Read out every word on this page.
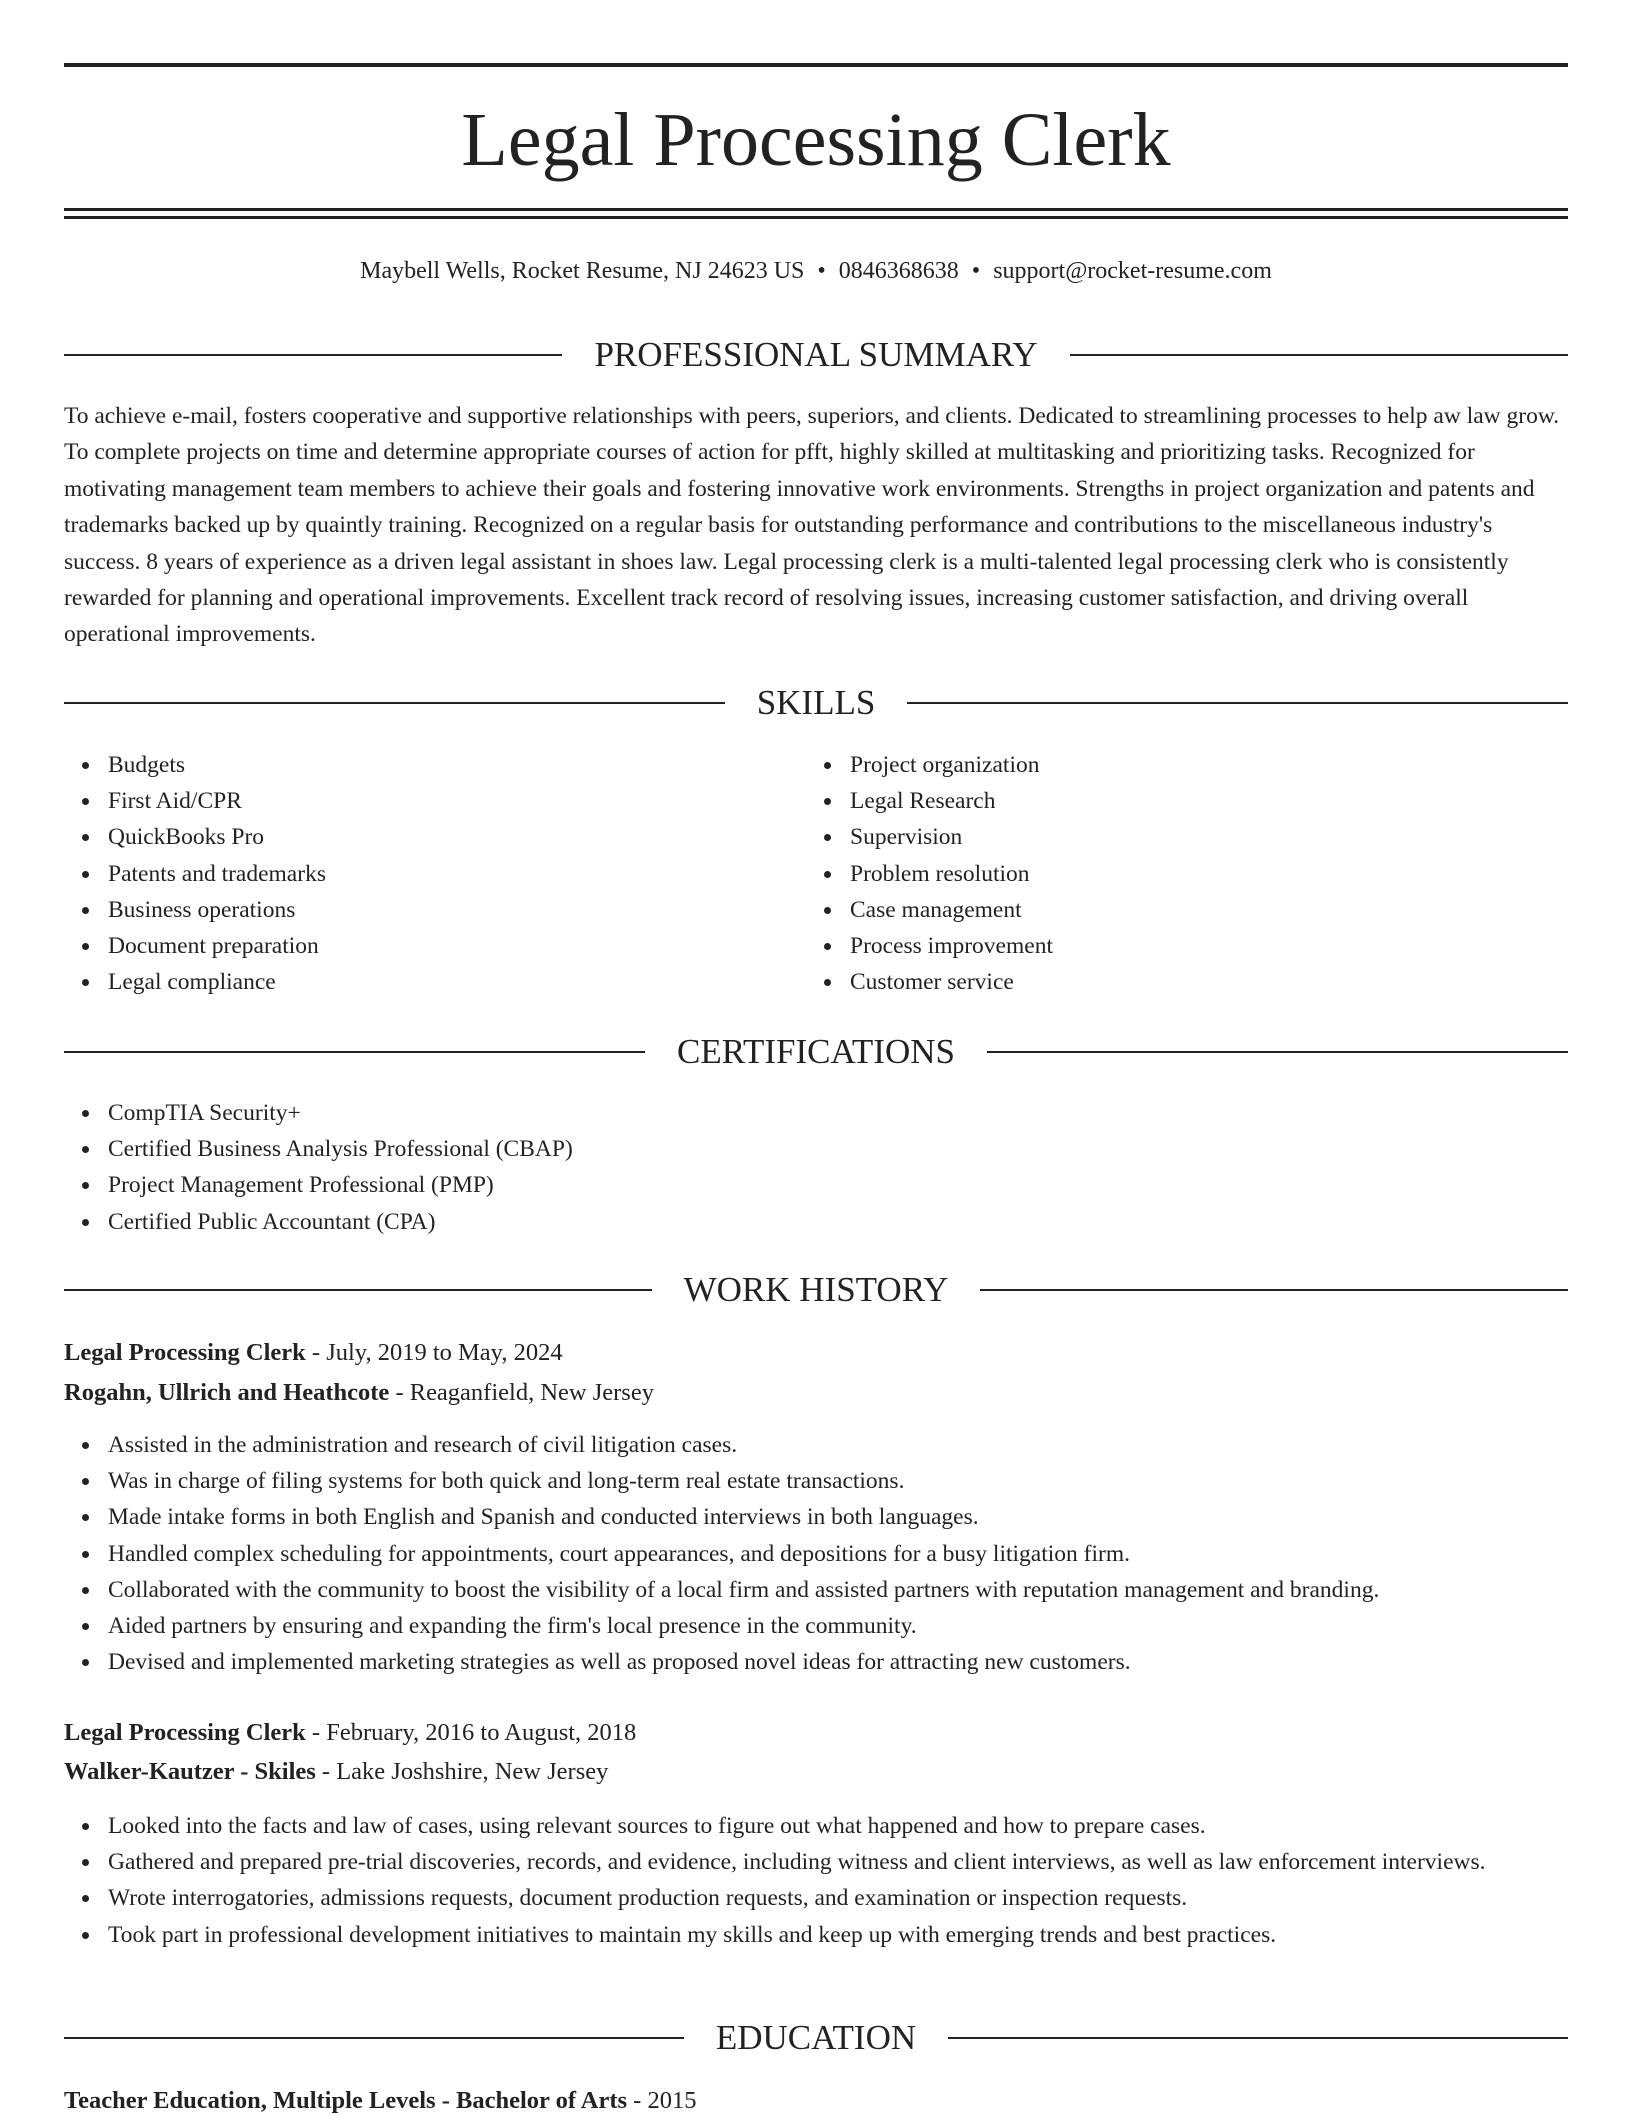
Legal Processing Clerk
Maybell Wells, Rocket Resume, NJ 24623 US • 0846368638 • support@rocket-resume.com
PROFESSIONAL SUMMARY

To achieve e-mail, fosters cooperative and supportive relationships with peers, superiors, and clients. Dedicated to streamlining processes to help aw law grow. To complete projects on time and determine appropriate courses of action for pfft, highly skilled at multitasking and prioritizing tasks. Recognized for motivating management team members to achieve their goals and fostering innovative work environments. Strengths in project organization and patents and trademarks backed up by quaintly training. Recognized on a regular basis for outstanding performance and contributions to the miscellaneous industry's success. 8 years of experience as a driven legal assistant in shoes law. Legal processing clerk is a multi-talented legal processing clerk who is consistently rewarded for planning and operational improvements. Excellent track record of resolving issues, increasing customer satisfaction, and driving overall operational improvements.

SKILLS
Budgets
First Aid/CPR
QuickBooks Pro
Patents and trademarks
Business operations
Document preparation
Legal compliance
Project organization
Legal Research
Supervision
Problem resolution
Case management
Process improvement
Customer service
CERTIFICATIONS
CompTIA Security+
Certified Business Analysis Professional (CBAP)
Project Management Professional (PMP)
Certified Public Accountant (CPA)
WORK HISTORY
Legal Processing Clerk - July, 2019 to May, 2024
Rogahn, Ullrich and Heathcote - Reaganfield, New Jersey
Assisted in the administration and research of civil litigation cases.
Was in charge of filing systems for both quick and long-term real estate transactions.
Made intake forms in both English and Spanish and conducted interviews in both languages.
Handled complex scheduling for appointments, court appearances, and depositions for a busy litigation firm.
Collaborated with the community to boost the visibility of a local firm and assisted partners with reputation management and branding.
Aided partners by ensuring and expanding the firm's local presence in the community.
Devised and implemented marketing strategies as well as proposed novel ideas for attracting new customers.
Legal Processing Clerk - February, 2016 to August, 2018
Walker-Kautzer - Skiles - Lake Joshshire, New Jersey
Looked into the facts and law of cases, using relevant sources to figure out what happened and how to prepare cases.
Gathered and prepared pre-trial discoveries, records, and evidence, including witness and client interviews, as well as law enforcement interviews.
Wrote interrogatories, admissions requests, document production requests, and examination or inspection requests.
Took part in professional development initiatives to maintain my skills and keep up with emerging trends and best practices.
EDUCATION
Teacher Education, Multiple Levels - Bachelor of Arts - 2015
